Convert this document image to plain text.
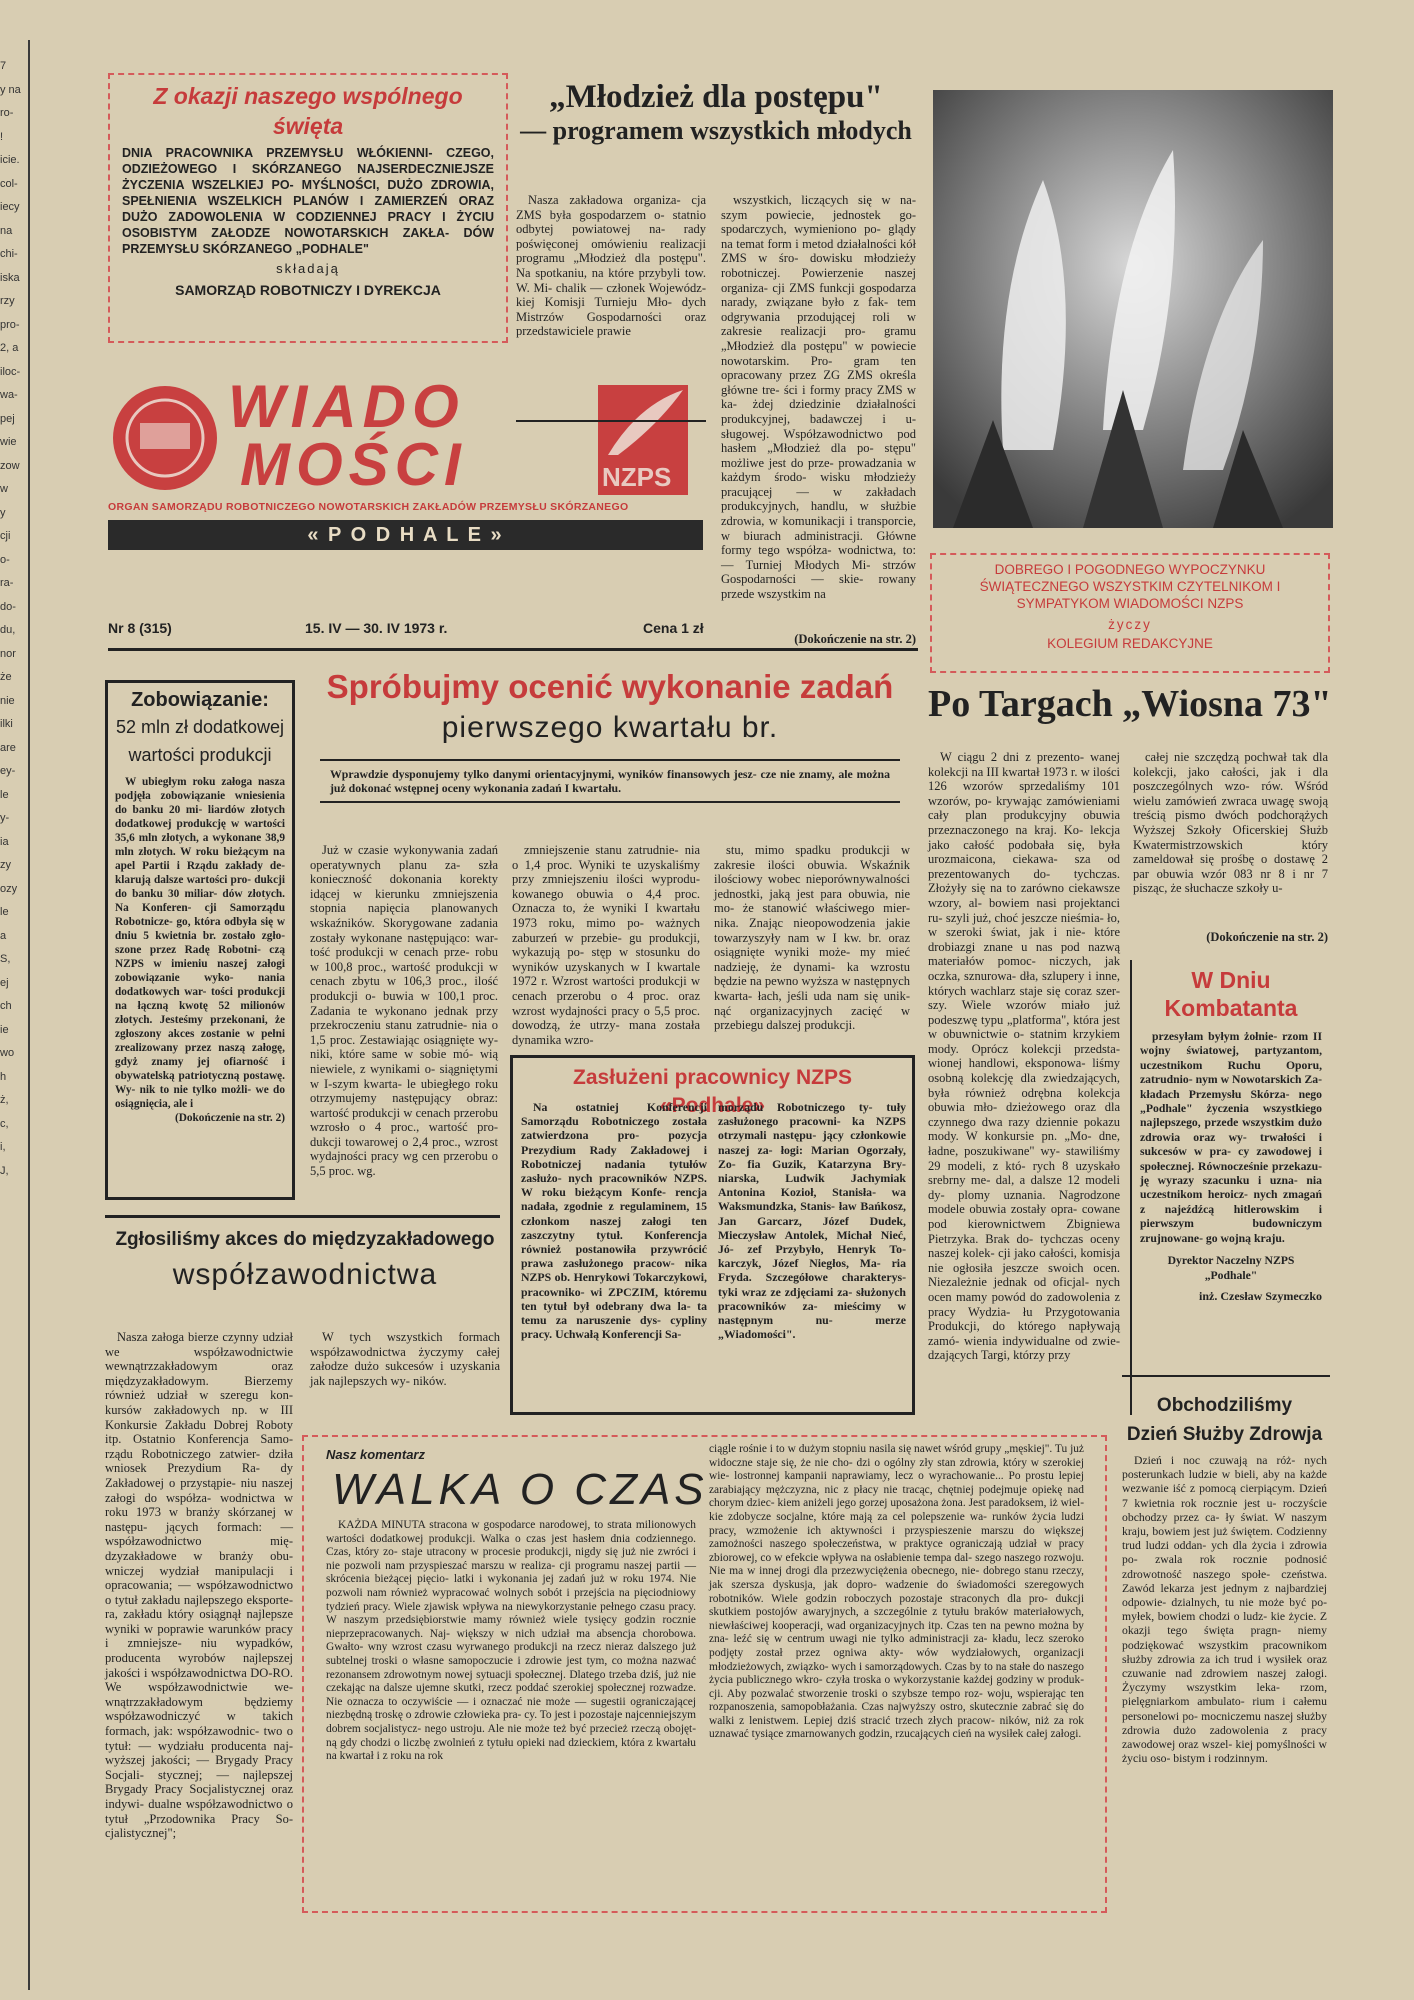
7
y na
ro-
!
icie.
col-
iecy
na
chi-
iska
rzy
pro-
2, a
iloc-
wa-
pej
wie
zow
w
y
cji
o-
ra-
do-
du,
nor
że
nie
ilki
are
ey-
le
y-
ia
zy
ozy
le
a
S,
ej
ch
ie
wo
h
ż,
c,
i,
J,
Z okazji naszego wspólnego święta
DNIA PRACOWNIKA PRZEMYSŁU WŁÓKIENNI- CZEGO, ODZIEŻOWEGO I SKÓRZANEGO NAJSERDECZNIEJSZE ŻYCZENIA WSZELKIEJ PO- MYŚLNOŚCI, DUŻO ZDROWIA, SPEŁNIENIA WSZELKICH PLANÓW I ZAMIERZEŃ ORAZ DUŻO ZADOWOLENIA W CODZIENNEJ PRACY I ŻYCIU OSOBISTYM ZAŁODZE NOWOTARSKICH ZAKŁA- DÓW PRZEMYSŁU SKÓRZANEGO „PODHALE"
składają
SAMORZĄD ROBOTNICZY I DYREKCJA
WIADO
MOŚCI	NZPS
ORGAN SAMORZĄDU ROBOTNICZEGO NOWOTARSKICH ZAKŁADÓW PRZEMYSŁU SKÓRZANEGO
« P O D H A L E »
Nr 8 (315)	15. IV — 30. IV 1973 r.	Cena 1 zł
„Młodzież dla postępu"
— programem wszystkich młodych
Nasza zakładowa organiza- cja ZMS była gospodarzem o- statnio odbytej powiatowej na- rady poświęconej omówieniu realizacji programu „Młodzież dla postępu". Na spotkaniu, na które przybyli tow. W. Mi- chalik — członek Wojewódz- kiej Komisji Turnieju Mło- dych Mistrzów Gospodarności oraz przedstawiciele prawie
wszystkich, liczących się w na- szym powiecie, jednostek go- spodarczych, wymieniono po- glądy na temat form i metod działalności kół ZMS w śro- dowisku młodzieży robotniczej. Powierzenie naszej organiza- cji ZMS funkcji gospodarza narady, związane było z fak- tem odgrywania przodującej roli w zakresie realizacji pro- gramu „Młodzież dla postępu" w powiecie nowotarskim. Pro- gram ten opracowany przez ZG ZMS określa główne tre- ści i formy pracy ZMS w ka- żdej dziedzinie działalności produkcyjnej, badawczej i u- sługowej. Współzawodnictwo pod hasłem „Młodzież dla po- stępu" możliwe jest do prze- prowadzania w każdym środo- wisku młodzieży pracującej — w zakładach produkcyjnych, handlu, w służbie zdrowia, w komunikacji i transporcie, w biurach administracji. Główne formy tego współza- wodnictwa, to: — Turniej Młodych Mi- strzów Gospodarności — skie- rowany przede wszystkim na
(Dokończenie na str. 2)
DOBREGO I POGODNEGO WYPOCZYNKU
ŚWIĄTECZNEGO WSZYSTKIM CZYTELNIKOM I
SYMPATYKOM WIADOMOŚCI NZPS
życzy
KOLEGIUM REDAKCYJNE
Zobowiązanie:
52 mln zł dodatkowej
wartości produkcji
W ubiegłym roku załoga nasza podjęła zobowiązanie wniesienia do banku 20 mi- liardów złotych dodatkowej produkcję w wartości 35,6 mln złotych, a wykonane 38,9 mln złotych. W roku bieżącym na apel Partii i Rządu zakłady de- klarują dalsze wartości pro- dukcji do banku 30 miliar- dów złotych. Na Konferen- cji Samorządu Robotnicze- go, która odbyła się w dniu 5 kwietnia br. zostało zgło- szone przez Radę Robotni- czą NZPS w imieniu naszej załogi zobowiązanie wyko- nania dodatkowych war- tości produkcji na łączną kwotę 52 milionów złotych. Jesteśmy przekonani, że zgłoszony akces zostanie w pełni zrealizowany przez naszą załogę, gdyż znamy jej ofiarność i obywatelską patriotyczną postawę. Wy- nik to nie tylko możli- we do osiągnięcia, ale i
(Dokończenie na str. 2)
Spróbujmy ocenić wykonanie zadań
pierwszego kwartału br.
Wprawdzie dysponujemy tylko danymi orientacyjnymi, wyników finansowych jesz- cze nie znamy, ale można już dokonać wstępnej oceny wykonania zadań I kwartału.
Już w czasie wykonywania zadań operatywnych planu za- szła konieczność dokonania korekty idącej w kierunku zmniejszenia stopnia napięcia planowanych wskaźników. Skorygowane zadania zostały wykonane następująco: war- tość produkcji w cenach prze- robu w 100,8 proc., wartość produkcji w cenach zbytu w 106,3 proc., ilość produkcji o- buwia w 100,1 proc. Zadania te wykonano jednak przy przekroczeniu stanu zatrudnie- nia o 1,5 proc. Zestawiając osiągnięte wy- niki, które same w sobie mó- wią niewiele, z wynikami o- siągniętymi w I-szym kwarta- le ubiegłego roku otrzymujemy następujący obraz: wartość produkcji w cenach przerobu wzrosło o 4 proc., wartość pro- dukcji towarowej o 2,4 proc., wzrost wydajności pracy wg cen przerobu o 5,5 proc. wg.
zmniejszenie stanu zatrudnie- nia o 1,4 proc. Wyniki te uzyskaliśmy przy zmniejszeniu ilości wyprodu- kowanego obuwia o 4,4 proc. Oznacza to, że wyniki I kwartału 1973 roku, mimo po- ważnych zaburzeń w przebie- gu produkcji, wykazują po- stęp w stosunku do wyników uzyskanych w I kwartale 1972 r. Wzrost wartości produkcji w cenach przerobu o 4 proc. oraz wzrost wydajności pracy o 5,5 proc. dowodzą, że utrzy- mana została dynamika wzro-
stu, mimo spadku produkcji w zakresie ilości obuwia. Wskaźnik ilościowy wobec nieporównywalności jednostki, jaką jest para obuwia, nie mo- że stanowić właściwego mier- nika. Znając nieopowodzenia jakie towarzyszyły nam w I kw. br. oraz osiągnięte wyniki może- my mieć nadzieję, że dynami- ka wzrostu będzie na pewno wyższa w następnych kwarta- łach, jeśli uda nam się unik- nąć organizacyjnych zacięć w przebiegu dalszej produkcji.
Zasłużeni pracownicy NZPS «Podhale»
Na ostatniej Konferencji Samorządu Robotniczego została zatwierdzona pro- pozycja Prezydium Rady Zakładowej i Robotniczej nadania tytułów zasłużo- nych pracowników NZPS. W roku bieżącym Konfe- rencja nadała, zgodnie z regulaminem, 15 członkom naszej załogi ten zaszczytny tytuł. Konferencja również postanowiła przywrócić prawa zasłużonego pracow- nika NZPS ob. Henrykowi Tokarczykowi, pracowniko- wi ZPCZIM, któremu ten tytuł był odebrany dwa la- ta temu za naruszenie dys- cypliny pracy. Uchwałą Konferencji Sa-
morządu Robotniczego ty- tuły zasłużonego pracowni- ka NZPS otrzymali następu- jący członkowie naszej za- łogi: Marian Ogorzały, Zo- fia Guzik, Katarzyna Bry- niarska, Ludwik Jachymiak Antonina Kozioł, Stanisła- wa Waksmundzka, Stanis- ław Bańkosz, Jan Garcarz, Józef Dudek, Mieczysław Antolek, Michał Nieć, Jó- zef Przybyło, Henryk To- karczyk, Józef Niegłos, Ma- ria Fryda. Szczegółowe charakterys- tyki wraz ze zdjęciami za- służonych pracowników za- mieścimy w następnym nu- merze „Wiadomości".
Po Targach „Wiosna 73"
W ciągu 2 dni z prezento- wanej kolekcji na III kwartał 1973 r. w ilości 126 wzorów sprzedaliśmy 101 wzorów, po- krywając zamówieniami cały plan produkcyjny obuwia przeznaczonego na kraj. Ko- lekcja jako całość podobała się, była urozmaicona, ciekawa- sza od prezentowanych do- tychczas. Złożyły się na to zarówno ciekawsze wzory, al- bowiem nasi projektanci ru- szyli już, choć jeszcze nieśmia- ło, w szeroki świat, jak i nie- które drobiazgi znane u nas pod nazwą materiałów pomoc- niczych, jak oczka, sznurowa- dła, szlupery i inne, których wachlarz staje się coraz szer- szy. Wiele wzorów miało już podeszwę typu „platforma", która jest w obuwnictwie o- statnim krzykiem mody. Oprócz kolekcji przedsta- wionej handlowi, eksponowa- liśmy osobną kolekcję dla zwiedzających, była również odrębna kolekcja obuwia mło- dzieżowego oraz dla czynnego dwa razy dziennie pokazu mody. W konkursie pn. „Mo- dne, ładne, poszukiwane" wy- stawiliśmy 29 modeli, z któ- rych 8 uzyskało srebrny me- dal, a dalsze 12 modeli dy- plomy uznania. Nagrodzone modele obuwia zostały opra- cowane pod kierownictwem Zbigniewa Pietrzyka. Brak do- tychczas oceny naszej kolek- cji jako całości, komisja nie ogłosiła jeszcze swoich ocen. Niezależnie jednak od oficjal- nych ocen mamy powód do zadowolenia z pracy Wydzia- łu Przygotowania Produkcji, do którego napływają zamó- wienia indywidualne od zwie- dzających Targi, którzy przy
całej nie szczędzą pochwał tak dla kolekcji, jako całości, jak i dla poszczególnych wzo- rów. Wśród wielu zamówień zwraca uwagę swoją treścią pismo dwóch podchorążych Wyższej Szkoły Oficerskiej Służb Kwatermistrzowskich który zameldował się prośbę o dostawę 2 par obuwia wzór 083 nr 8 i nr 7 pisząc, że słuchacze szkoły u-
(Dokończenie na str. 2)
W Dniu
Kombatanta
przesyłam byłym żołnie- rzom II wojny światowej, partyzantom, uczestnikom Ruchu Oporu, zatrudnio- nym w Nowotarskich Za- kładach Przemysłu Skórza- nego „Podhale" życzenia wszystkiego najlepszego, przede wszystkim dużo zdrowia oraz wy- trwałości i sukcesów w pra- cy zawodowej i społecznej. Równocześnie przekazu- ję wyrazy szacunku i uzna- nia uczestnikom heroicz- nych zmagań z najeźdźcą hitlerowskim i pierwszym budowniczym zrujnowane- go wojną kraju.
Dyrektor Naczelny NZPS „Podhale"
inż. Czesław Szymeczko
Zgłosiliśmy akces do międzyzakładowego
współzawodnictwa
Nasza załoga bierze czynny udział we współzawodnictwie wewnątrzzakładowym oraz międzyzakładowym. Bierzemy również udział w szeregu kon- kursów zakładowych np. w III Konkursie Zakładu Dobrej Roboty itp. Ostatnio Konferencja Samo- rządu Robotniczego zatwier- dziła wniosek Prezydium Ra- dy Zakładowej o przystąpie- niu naszej załogi do współza- wodnictwa w roku 1973 w branży skórzanej w następu- jących formach: — współzawodnictwo mię- dzyzakładowe w branży obu- wniczej wydział manipulacji i opracowania; — współzawodnictwo o tytuł zakładu najlepszego eksporte- ra, zakładu który osiągnął najlepsze wyniki w poprawie warunków pracy i zmniejsze- niu wypadków, producenta wyrobów najlepszej jakości i współzawodnictwa DO-RO. We współzawodnictwie we- wnątrzzakładowym będziemy współzawodniczyć w takich formach, jak: współzawodnic- two o tytuł: — wydziału producenta naj- wyższej jakości; — Brygady Pracy Socjali- stycznej; — najlepszej Brygady Pracy Socjalistycznej oraz indywi- dualne współzawodnictwo o tytuł „Przodownika Pracy So- cjalistycznej";
W tych wszystkich formach współzawodnictwa życzymy całej załodze dużo sukcesów i uzyskania jak najlepszych wy- ników.
Nasz komentarz
WALKA O CZAS
KAŻDA MINUTA stracona w gospodarce narodowej, to strata milionowych wartości dodatkowej produkcji. Walka o czas jest hasłem dnia codziennego. Czas, który zo- staje utracony w procesie produkcji, nigdy się już nie zwróci i nie pozwoli nam przyspieszać marszu w realiza- cji programu naszej partii — skrócenia bieżącej pięcio- latki i wykonania jej zadań już w roku 1974. Nie pozwoli nam również wypracować wolnych sobót i przejścia na pięciodniowy tydzień pracy. Wiele zjawisk wpływa na niewykorzystanie pełnego czasu pracy. W naszym przedsiębiorstwie mamy również wiele tysięcy godzin rocznie nieprzepracowanych. Naj- większy w nich udział ma absencja chorobowa. Gwałto- wny wzrost czasu wyrwanego produkcji na rzecz nieraz dalszego już subtelnej troski o własne samopoczucie i zdrowie jest tym, co można nazwać rezonansem zdrowotnym nowej sytuacji społecznej. Dlatego trzeba dziś, już nie czekając na dalsze ujemne skutki, rzecz poddać szerokiej społecznej rozwadze. Nie oznacza to oczywiście — i oznaczać nie może — sugestii ograniczającej niezbędną troskę o zdrowie człowieka pra- cy. To jest i pozostaje najcenniejszym dobrem socjalistycz- nego ustroju. Ale nie może też być przecież rzeczą obojęt- ną gdy chodzi o liczbę zwolnień z tytułu opieki nad dzieckiem, która z kwartału na kwartał i z roku na rok
ciągle rośnie i to w dużym stopniu nasila się nawet wśród grupy „męskiej". Tu już widoczne staje się, że nie cho- dzi o ogólny zły stan zdrowia, który w szerokiej wie- lostronnej kampanii naprawiamy, lecz o wyrachowanie... Po prostu lepiej zarabiający mężczyzna, nic z płacy nie tracąc, chętniej podejmuje opiekę nad chorym dziec- kiem aniżeli jego gorzej uposażona żona. Jest paradoksem, iż wiel- kie zdobycze socjalne, które mają za cel polepszenie wa- runków życia ludzi pracy, wzmożenie ich aktywności i przyspieszenie marszu do większej zamożności naszego społeczeństwa, w praktyce ograniczają udział w pracy zbiorowej, co w efekcie wpływa na osłabienie tempa dal- szego naszego rozwoju. Nie ma w innej drogi dla przezwyciężenia obecnego, nie- dobrego stanu rzeczy, jak szersza dyskusja, jak dopro- wadzenie do świadomości szeregowych robotników. Wiele godzin roboczych pozostaje straconych dla pro- dukcji skutkiem postojów awaryjnych, a szczególnie z tytułu braków materiałowych, niewłaściwej kooperacji, wad organizacyjnych itp. Czas ten na pewno można by zna- leźć się w centrum uwagi nie tylko administracji za- kładu, lecz szeroko podjęty został przez ogniwa akty- wów wydziałowych, organizacji młodzieżowych, związko- wych i samorządowych. Czas by to na stałe do naszego życia publicznego wkro- czyła troska o wykorzystanie każdej godziny w produk- cji. Aby pozwalać stworzenie troski o szybsze tempo roz- woju, wspierając ten rozpanoszenia, samopobłażania. Czas najwyższy ostro, skutecznie zabrać się do walki z lenistwem. Lepiej dziś stracić trzech złych pracow- ników, niż za rok uznawać tysiące zmarnowanych godzin, rzucających cień na wysiłek całej załogi.
Obchodziliśmy
Dzień Służby Zdrowja
Dzień i noc czuwają na róż- nych posterunkach ludzie w bieli, aby na każde wezwanie iść z pomocą cierpiącym. Dzień 7 kwietnia rok rocznie jest u- roczyście obchodzy przez ca- ły świat. W naszym kraju, bowiem jest już świętem. Codzienny trud ludzi oddan- ych dla życia i zdrowia po- zwala rok rocznie podnosić zdrowotność naszego społe- czeństwa. Zawód lekarza jest jednym z najbardziej odpowie- dzialnych, tu nie może być po- myłek, bowiem chodzi o ludz- kie życie. Z okazji tego święta pragn- niemy podziękować wszystkim pracownikom służby zdrowia za ich trud i wysiłek oraz czuwanie nad zdrowiem naszej załogi. Życzymy wszystkim leka- rzom, pielęgniarkom ambulato- rium i całemu personelowi po- mocniczemu naszej służby zdrowia dużo zadowolenia z pracy zawodowej oraz wszel- kiej pomyślności w życiu oso- bistym i rodzinnym.
